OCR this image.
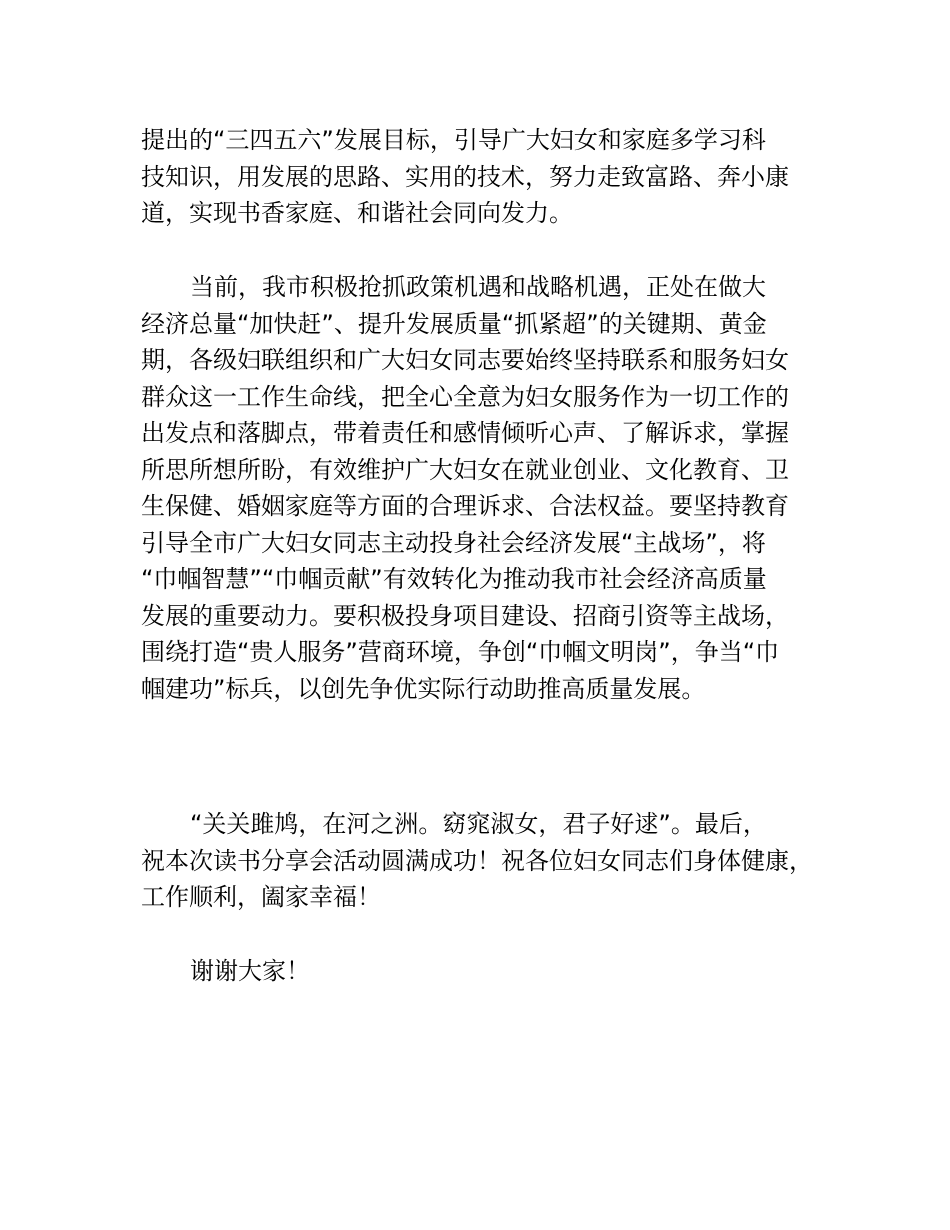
提出的“三四五六”发展目标，引导广大妇女和家庭多学习科
技知识，用发展的思路、实用的技术，努力走致富路、奔小康
道，实现书香家庭、和谐社会同向发力。
当前，我市积极抢抓政策机遇和战略机遇，正处在做大
经济总量“加快赶”、提升发展质量“抓紧超”的关键期、黄金
期，各级妇联组织和广大妇女同志要始终坚持联系和服务妇女
群众这一工作生命线，把全心全意为妇女服务作为一切工作的
出发点和落脚点，带着责任和感情倾听心声、了解诉求，掌握
所思所想所盼，有效维护广大妇女在就业创业、文化教育、卫
生保健、婚姻家庭等方面的合理诉求、合法权益。要坚持教育
引导全市广大妇女同志主动投身社会经济发展“主战场”，将
“巾帼智慧”“巾帼贡献”有效转化为推动我市社会经济高质量
发展的重要动力。要积极投身项目建设、招商引资等主战场，
围绕打造“贵人服务”营商环境，争创“巾帼文明岗”，争当“巾
帼建功”标兵，以创先争优实际行动助推高质量发展。
“关关雎鸠，在河之洲。窈窕淑女，君子好逑”。最后，
祝本次读书分享会活动圆满成功！祝各位妇女同志们身体健康，
工作顺利，阖家幸福！
谢谢大家！
